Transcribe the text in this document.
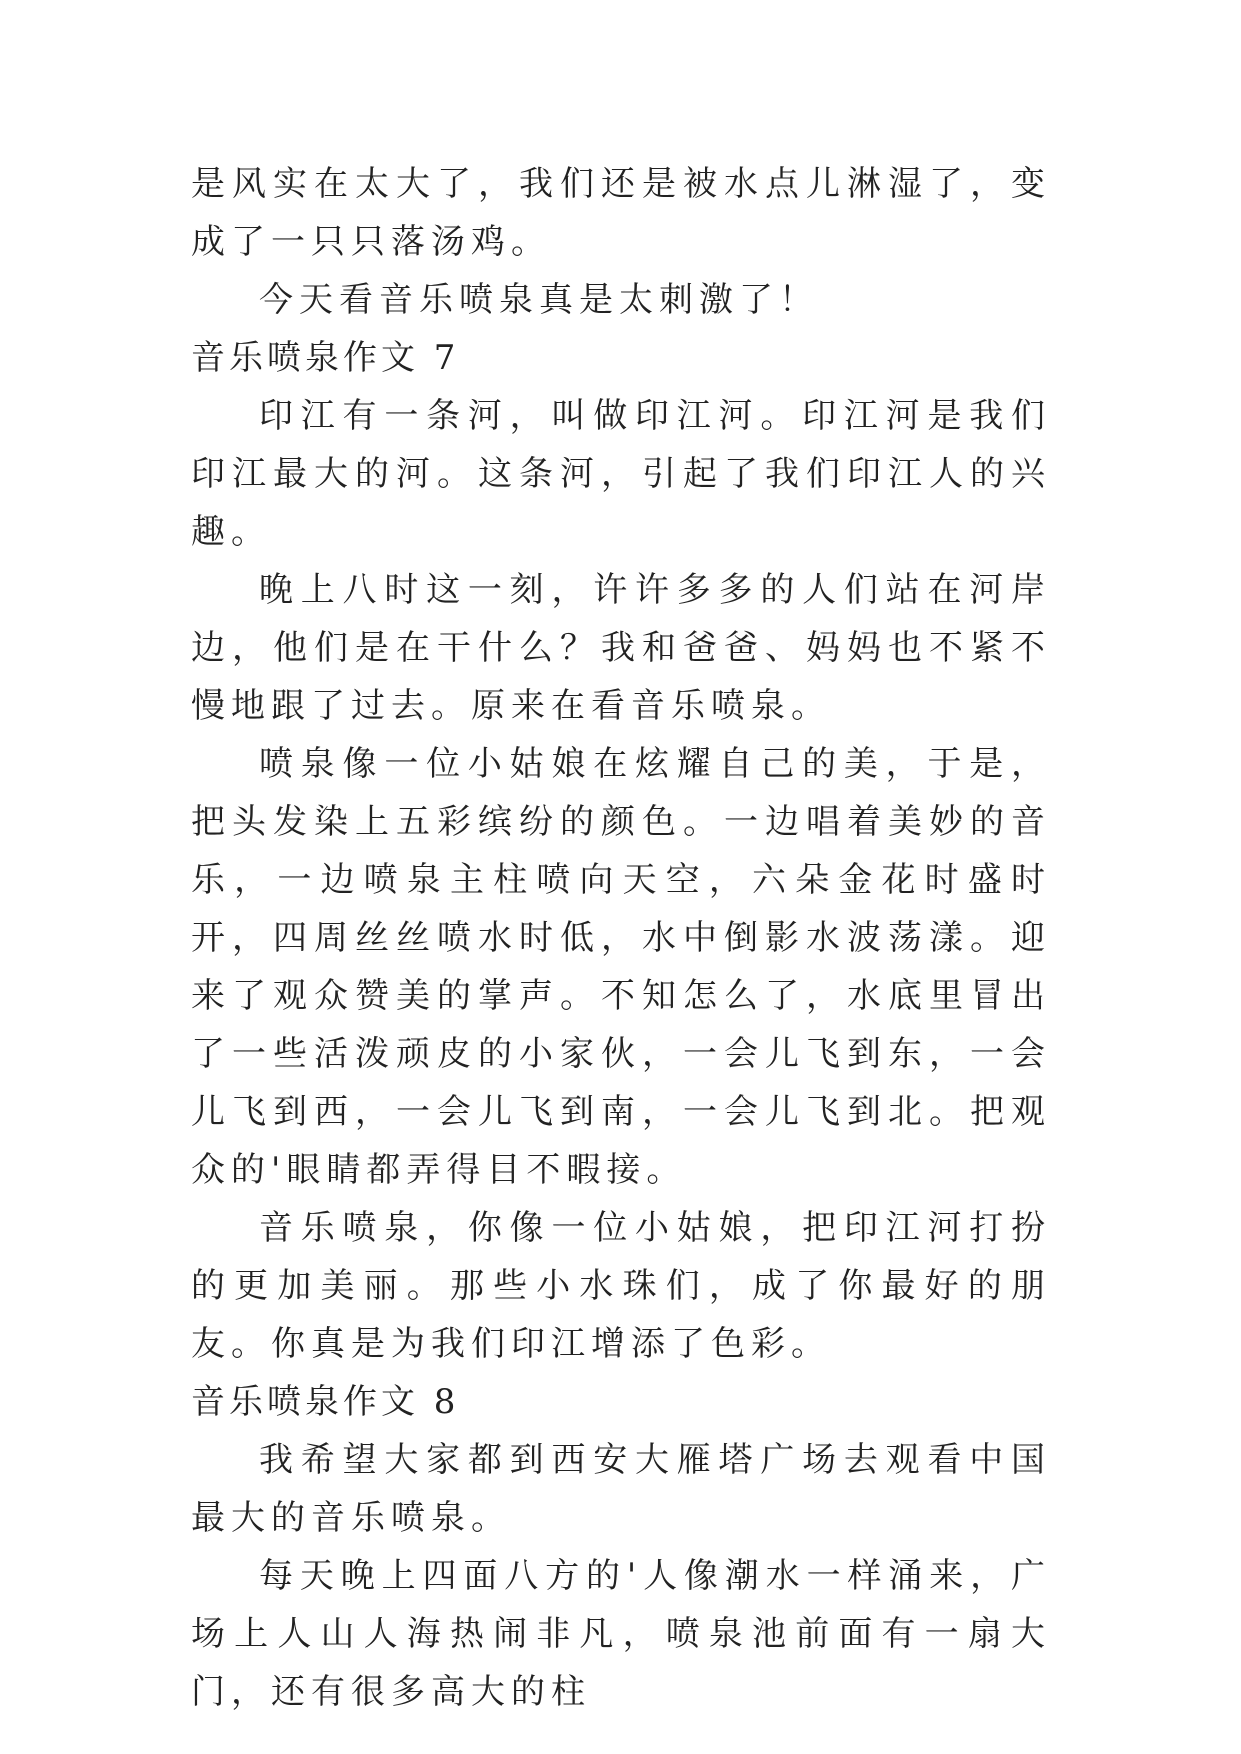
是风实在太大了，我们还是被水点儿淋湿了，变成了一只只落汤鸡。

今天看音乐喷泉真是太刺激了！

音乐喷泉作文 7

印江有一条河，叫做印江河。印江河是我们印江最大的河。这条河，引起了我们印江人的兴趣。

晚上八时这一刻，许许多多的人们站在河岸边，他们是在干什么？我和爸爸、妈妈也不紧不慢地跟了过去。原来在看音乐喷泉。

喷泉像一位小姑娘在炫耀自己的美，于是，把头发染上五彩缤纷的颜色。一边唱着美妙的音乐，一边喷泉主柱喷向天空，六朵金花时盛时开，四周丝丝喷水时低，水中倒影水波荡漾。迎来了观众赞美的掌声。不知怎么了，水底里冒出了一些活泼顽皮的小家伙，一会儿飞到东，一会儿飞到西，一会儿飞到南，一会儿飞到北。把观众的'眼睛都弄得目不暇接。

音乐喷泉，你像一位小姑娘，把印江河打扮的更加美丽。那些小水珠们，成了你最好的朋友。你真是为我们印江增添了色彩。

音乐喷泉作文 8

我希望大家都到西安大雁塔广场去观看中国最大的音乐喷泉。

每天晚上四面八方的'人像潮水一样涌来，广场上人山人海热闹非凡，喷泉池前面有一扇大门，还有很多高大的柱
